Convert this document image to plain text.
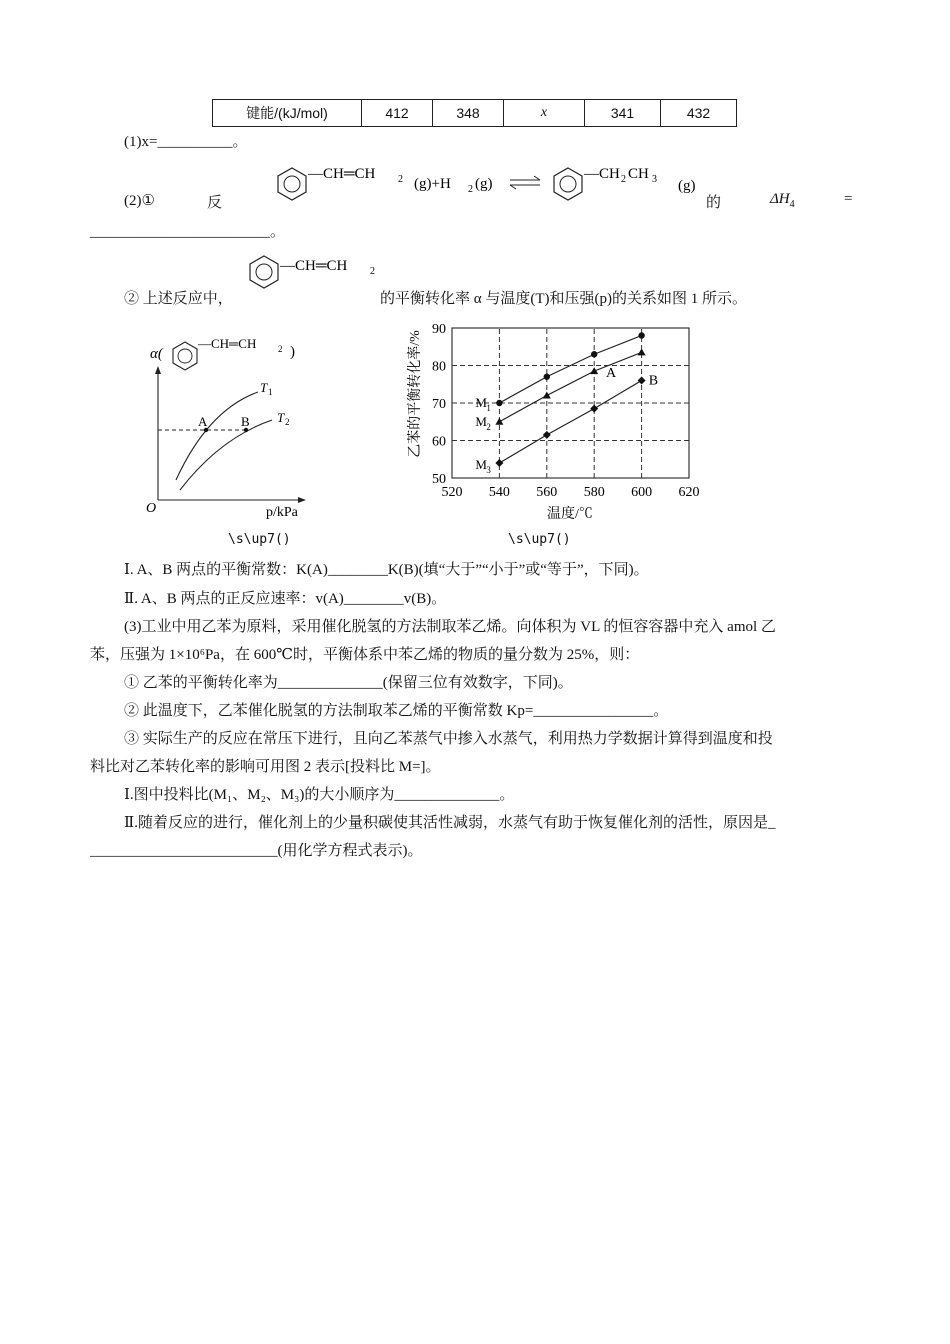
键能/(kJ/mol)	412	348	x	341	432
(1)x=__________。
(2)①	反
—CH═CH 2 (g)+H 2 (g)
—CH 2 CH 3 (g)
的	$\Delta H_4$	=
________________________。
② 上述反应中，
—CH═CH 2
的平衡转化率 α 与温度(T)和压强(p)的关系如图 1 所示。
α(
—CH═CH 2 )
A	B
T 1
T 2
O	p/kPa
\s\up7()
520 540 560 580 600 620
50
60
70
80
90
M 1
M 2
M 3
A B
乙苯的平衡转化率/%
温度/℃
\s\up7()
Ⅰ. A、B 两点的平衡常数：K(A)________K(B)(填“大于”“小于”或“等于”，下同)。
Ⅱ. A、B 两点的正反应速率：v(A)________v(B)。
(3)工业中用乙苯为原料，采用催化脱氢的方法制取苯乙烯。向体积为 VL 的恒容容器中充入 amol 乙
苯，压强为 1×10⁶Pa，在 600℃时，平衡体系中苯乙烯的物质的量分数为 25%，则：
① 乙苯的平衡转化率为______________(保留三位有效数字，下同)。
② 此温度下，乙苯催化脱氢的方法制取苯乙烯的平衡常数 Kp=________________。
③ 实际生产的反应在常压下进行，且向乙苯蒸气中掺入水蒸气，利用热力学数据计算得到温度和投
料比对乙苯转化率的影响可用图 2 表示[投料比 M=]。
Ⅰ.图中投料比(M₁、M₂、M₃)的大小顺序为______________。
Ⅱ.随着反应的进行，催化剂上的少量积碳使其活性减弱，水蒸气有助于恢复催化剂的活性，原因是_
_________________________(用化学方程式表示)。
